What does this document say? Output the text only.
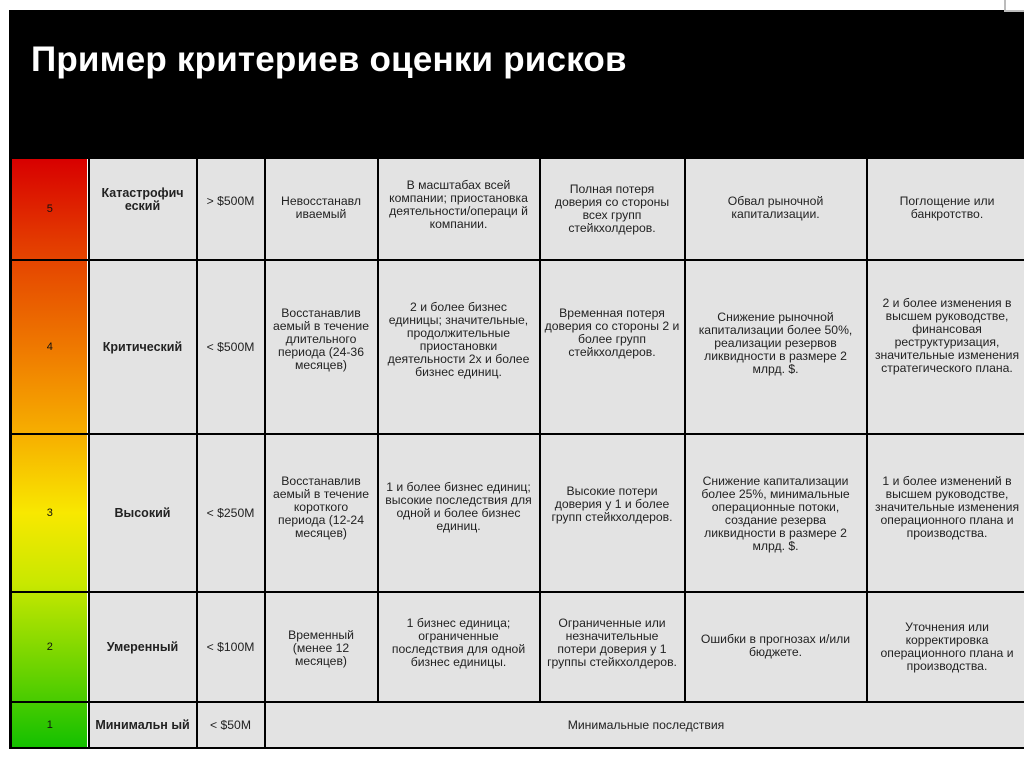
Пример критериев оценки рисков
5	Катастрофич еский	> $500M	Невосстанавл иваемый	В масштабах всей компании; приостановка деятельности/операци й компании.	Полная потеря доверия со стороны всех групп стейкхолдеров.	Обвал рыночной капитализации.	Поглощение или банкротство.
4	Критический	< $500M	Восстанавлив аемый в течение длительного периода (24-36 месяцев)	2 и более бизнес единицы; значительные, продолжительные приостановки деятельности 2х и более бизнес единиц.	Временная потеря доверия со стороны 2 и более групп стейкхолдеров.	Снижение рыночной капитализации более 50%, реализации резервов ликвидности в размере 2 млрд. $.	2 и более изменения в высшем руководстве, финансовая реструктуризация, значительные изменения стратегического плана.
3	Высокий	< $250M	Восстанавлив аемый в течение короткого периода (12-24 месяцев)	1 и более бизнес единиц; высокие последствия для одной и более бизнес единиц.	Высокие потери доверия у 1 и более групп стейкхолдеров.	Снижение капитализации более 25%, минимальные операционные потоки, создание резерва ликвидности в размере 2 млрд. $.	1 и более изменений в высшем руководстве, значительные изменения операционного плана и производства.
2	Умеренный	< $100M	Временный (менее 12 месяцев)	1 бизнес единица; ограниченные последствия для одной бизнес единицы.	Ограниченные или незначительные потери доверия у 1 группы стейкхолдеров.	Ошибки в прогнозах и/или бюджете.	Уточнения или корректировка операционного плана и производства.
1	Минимальн ый	< $50M	Минимальные последствия				
